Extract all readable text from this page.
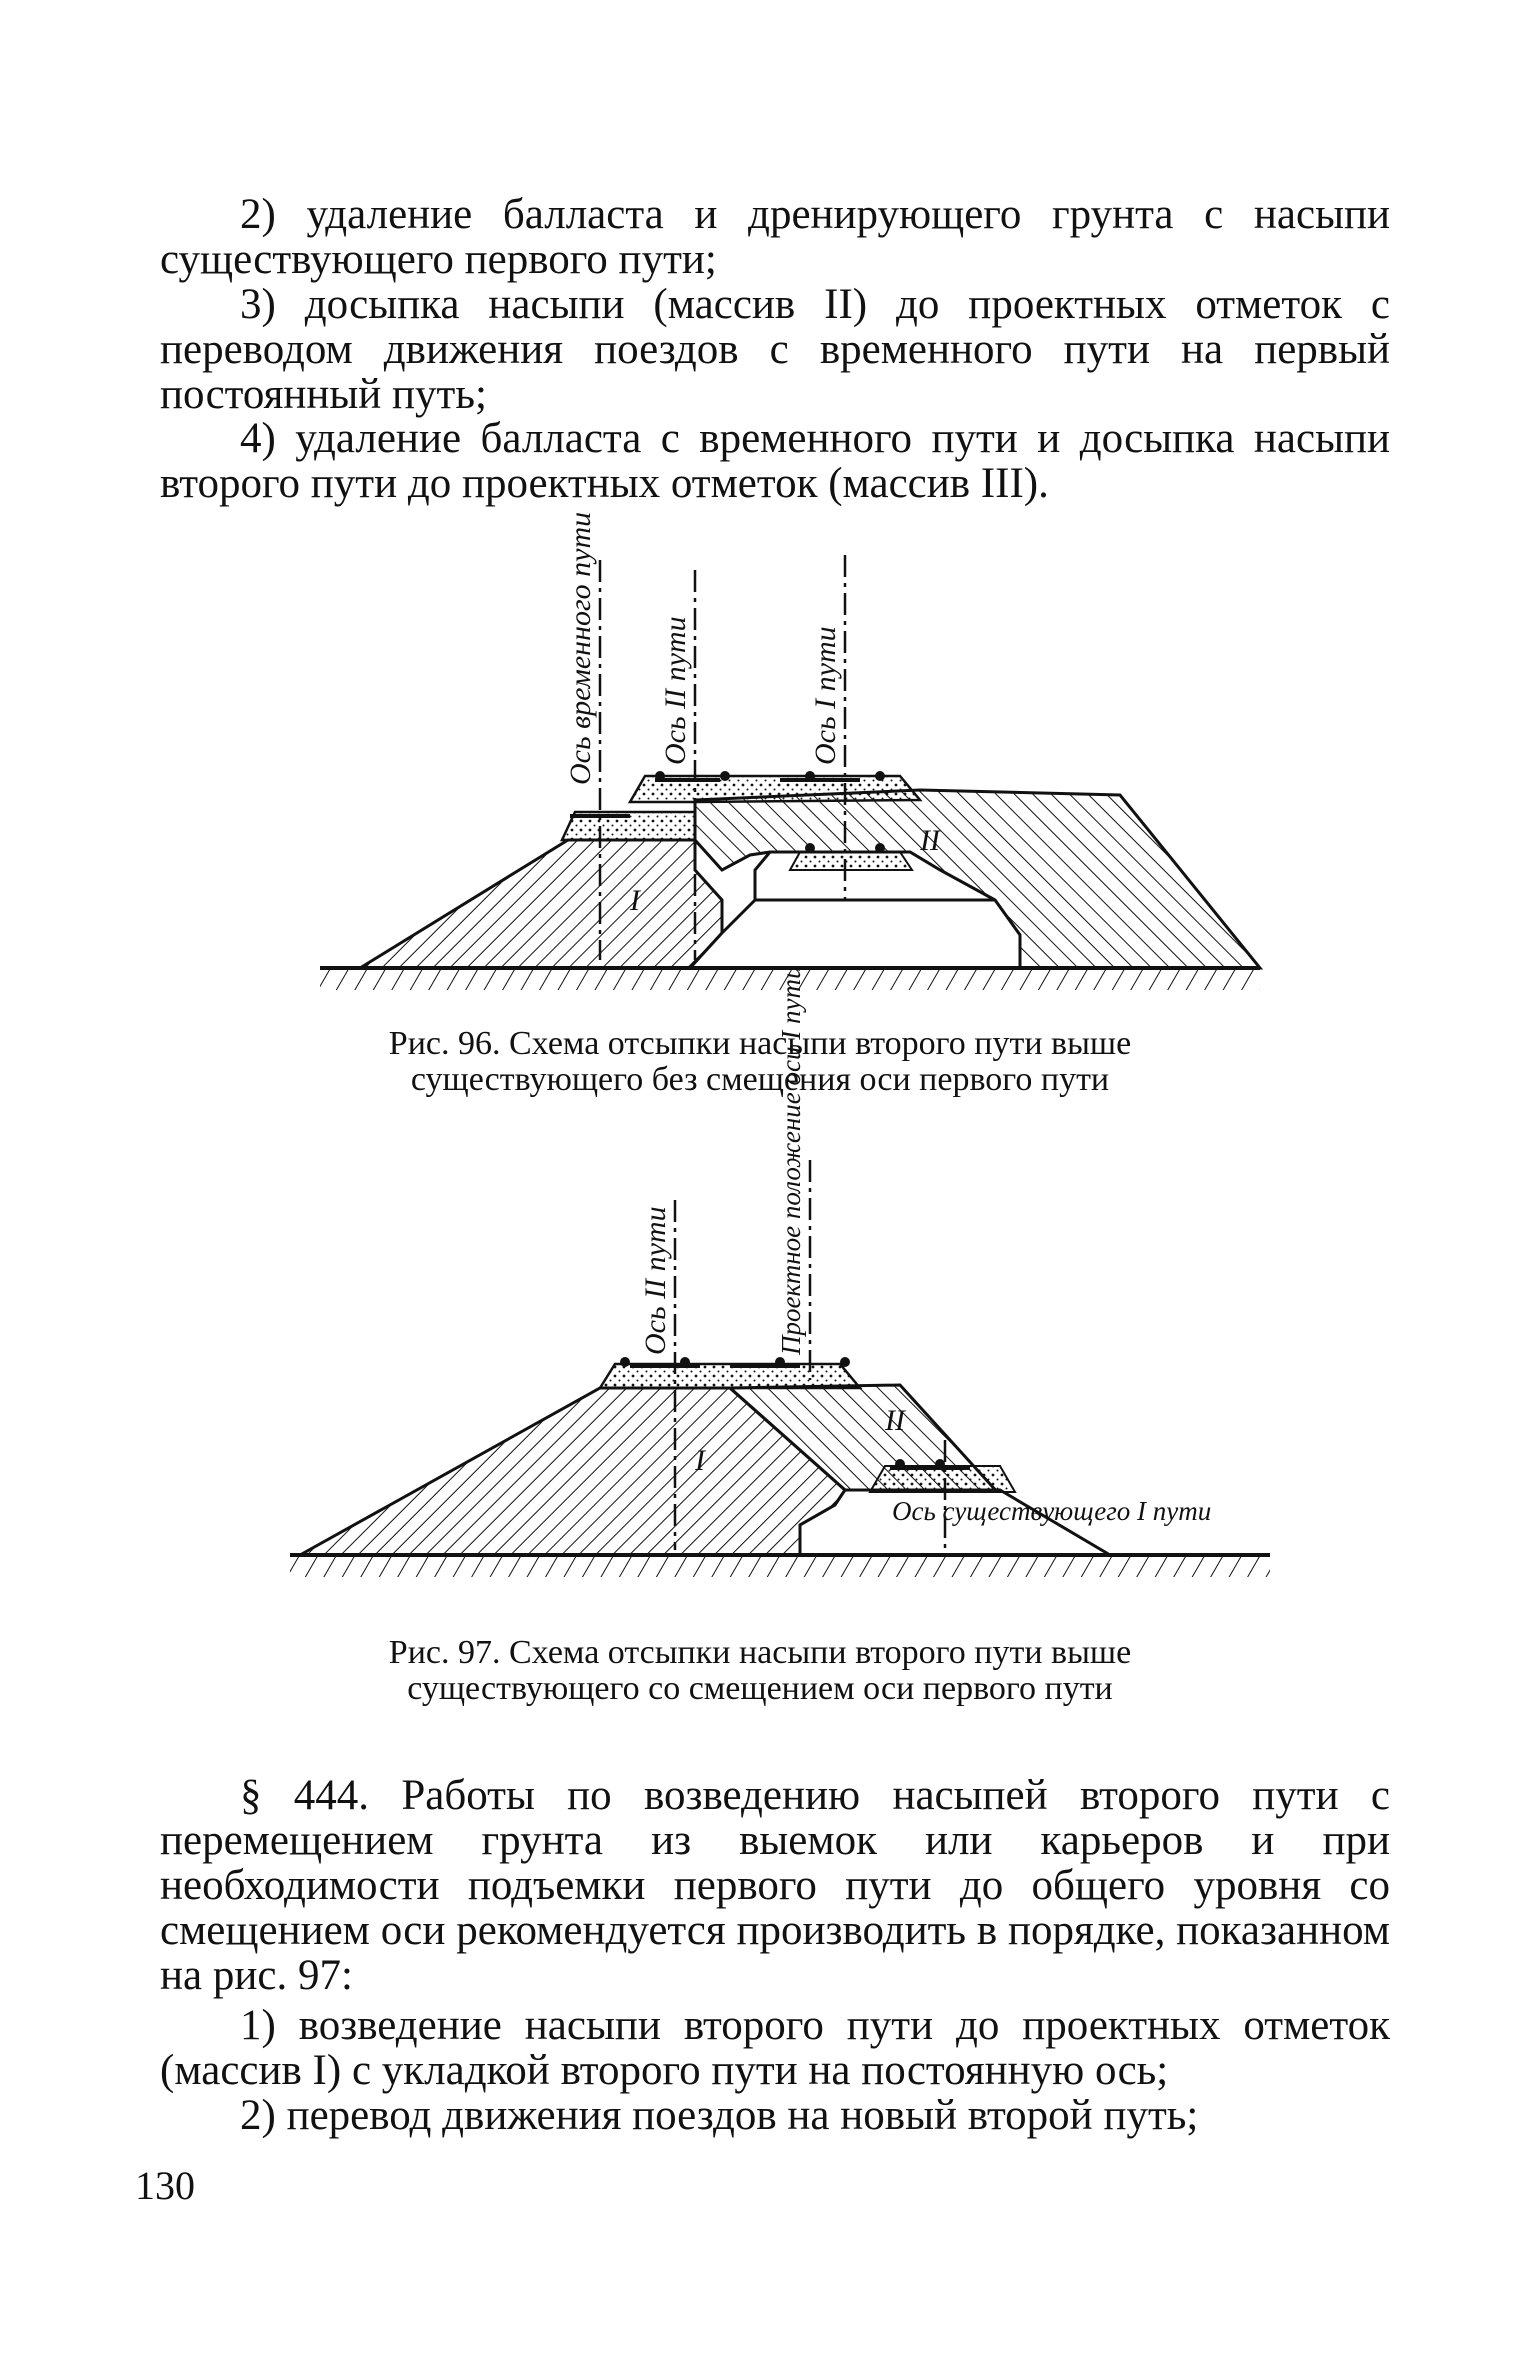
2) удаление балласта и дренирующего грунта с насыпи существующего первого пути;

3) досыпка насыпи (массив II) до проектных отметок с переводом движения поездов с временного пути на первый постоянный путь;

4) удаление балласта с временного пути и досыпка насыпи второго пути до проектных отметок (массив III).

Ось временного пути Ось II пути	Ось I пути
I
II
Рис. 96. Схема отсыпки насыпи второго пути выше
существующего без смещения оси первого пути
Ось II пути	Проектное положение оси I пути
Ось существующего I пути
I
II
Рис. 97. Схема отсыпки насыпи второго пути выше
существующего со смещением оси первого пути

§ 444. Работы по возведению насыпей второго пути с перемещением грунта из выемок или карьеров и при необходимости подъемки первого пути до общего уровня со смещением оси рекомендуется производить в порядке, показанном на рис. 97:

1) возведение насыпи второго пути до проектных отметок (массив I) с укладкой второго пути на постоянную ось;

2) перевод движения поездов на новый второй путь;

130
